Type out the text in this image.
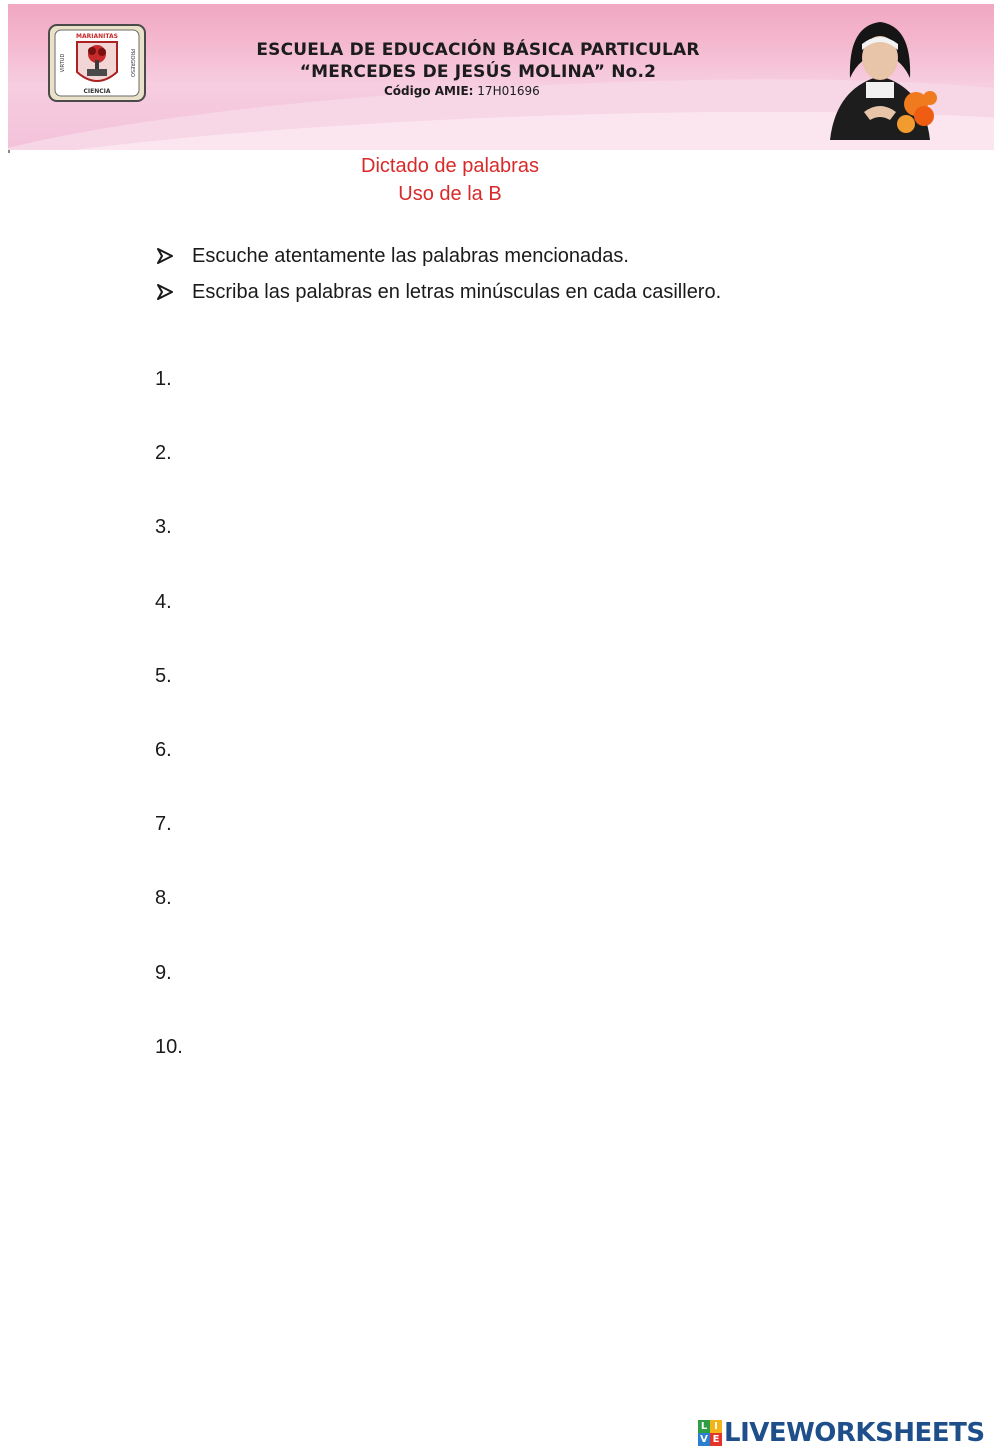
MARIANITAS
CIENCIA
VIRTUD	PROGRESO	ESCUELA DE EDUCACIÓN BÁSICA PARTICULAR
“MERCEDES DE JESÚS MOLINA” No.2
Código AMIE: 17H01696
Dictado de palabras
Uso de la B
Escuche atentamente las palabras mencionadas.
Escriba las palabras en letras minúsculas en cada casillero.
1.
2.
3.
4.
5.
6.
7.
8.
9.
10.
L I
V E LIVEWORKSHEETS
